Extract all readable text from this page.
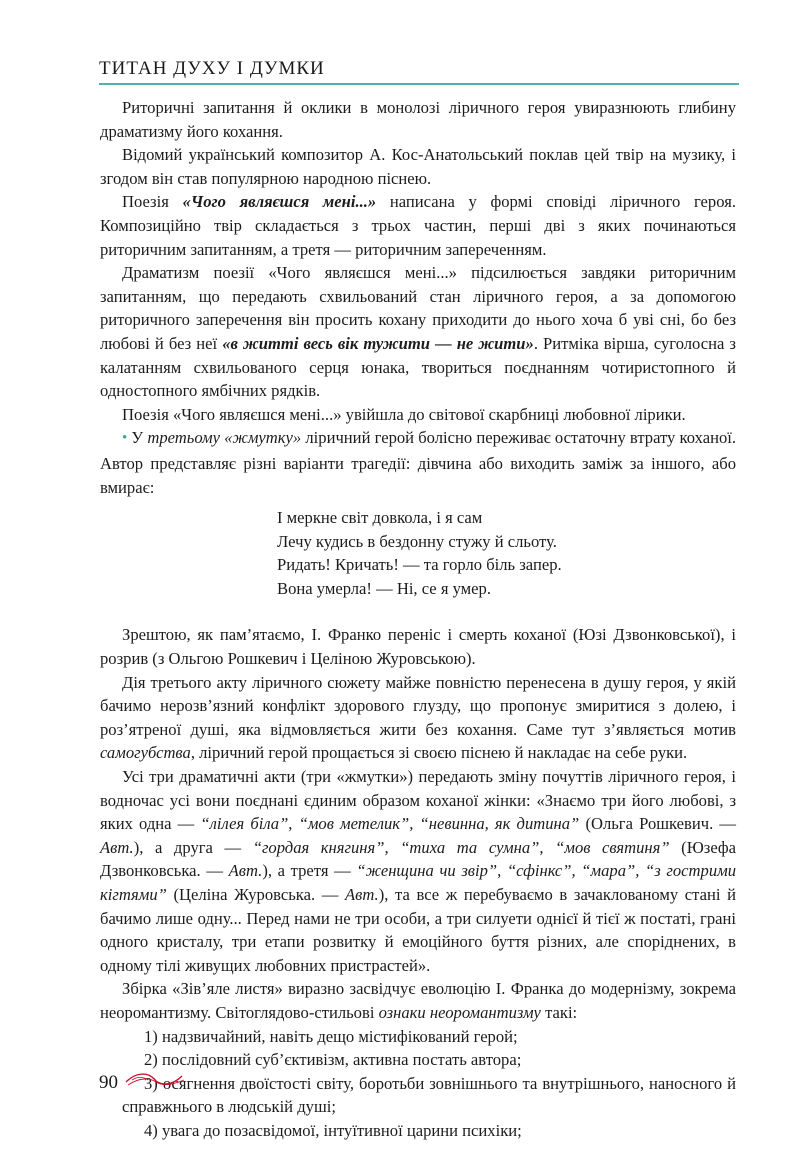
ТИТАН ДУХУ І ДУМКИ

Риторичні запитання й оклики в монолозі ліричного героя увиразнюють глибину драматизму його кохання.

Відомий український композитор А. Кос-Анатольський поклав цей твір на музику, і згодом він став популярною народною піснею.

Поезія «Чого являєшся мені...» написана у формі сповіді ліричного героя. Композиційно твір складається з трьох частин, перші дві з яких починаються риторичним запитанням, а третя — риторичним запереченням.

Драматизм поезії «Чого являєшся мені...» підсилюється завдяки риторичним запитанням, що передають схвильований стан ліричного героя, а за допомогою риторичного заперечення він просить кохану приходити до нього хоча б уві сні, бо без любові й без неї «в житті весь вік тужити — не жити». Ритміка вірша, суголосна з калатанням схвильованого серця юнака, твориться поєднанням чотиристопного й одностопного ямбічних рядків.

Поезія «Чого являєшся мені...» увійшла до світової скарбниці любовної лірики.

• У третьому «жмутку» ліричний герой болісно переживає остаточну втрату коханої. Автор представляє різні варіанти трагедії: дівчина або виходить заміж за іншого, або вмирає:

І меркне світ довкола, і я сам
Лечу кудись в бездонну стужу й сльоту.
Ридать! Кричать! — та горло біль запер.
Вона умерла! — Ні, се я умер.

Зрештою, як пам’ятаємо, І. Франко переніс і смерть коханої (Юзі Дзвонковської), і розрив (з Ольгою Рошкевич і Целіною Журовською).

Дія третього акту ліричного сюжету майже повністю перенесена в душу героя, у якій бачимо нерозв’язний конфлікт здорового глузду, що пропонує змиритися з долею, і роз’ятреної душі, яка відмовляється жити без кохання. Саме тут з’являється мотив самогубства, ліричний герой прощається зі своєю піснею й накладає на себе руки.

Усі три драматичні акти (три «жмутки») передають зміну почуттів ліричного героя, і водночас усі вони поєднані єдиним образом коханої жінки: «Знаємо три його любові, з яких одна — “лілея біла”, “мов метелик”, “невинна, як дитина” (Ольга Рошкевич. — Авт.), а друга — “гордая княгиня”, “тиха та сумна”, “мов святиня” (Юзефа Дзвонковська. — Авт.), а третя — “женщина чи звір”, “сфінкс”, “мара”, “з гострими кігтями” (Целіна Журовська. — Авт.), та все ж перебуваємо в зачаклованому стані й бачимо лише одну... Перед нами не три особи, а три силуети однієї й тієї ж постаті, грані одного кристалу, три етапи розвитку й емоційного буття різних, але споріднених, в одному тілі живущих любовних пристрастей».

Збірка «Зів’яле листя» виразно засвідчує еволюцію І. Франка до модернізму, зокрема неоромантизму. Світоглядово-стильові ознаки неоромантизму такі:

1) надзвичайний, навіть дещо містифікований герой;

2) послідовний суб’єктивізм, активна постать автора;

3) осягнення двоїстості світу, боротьби зовнішнього та внутрішнього, наносного й справжнього в людській душі;

4) увага до позасвідомої, інтуїтивної царини психіки;

90
